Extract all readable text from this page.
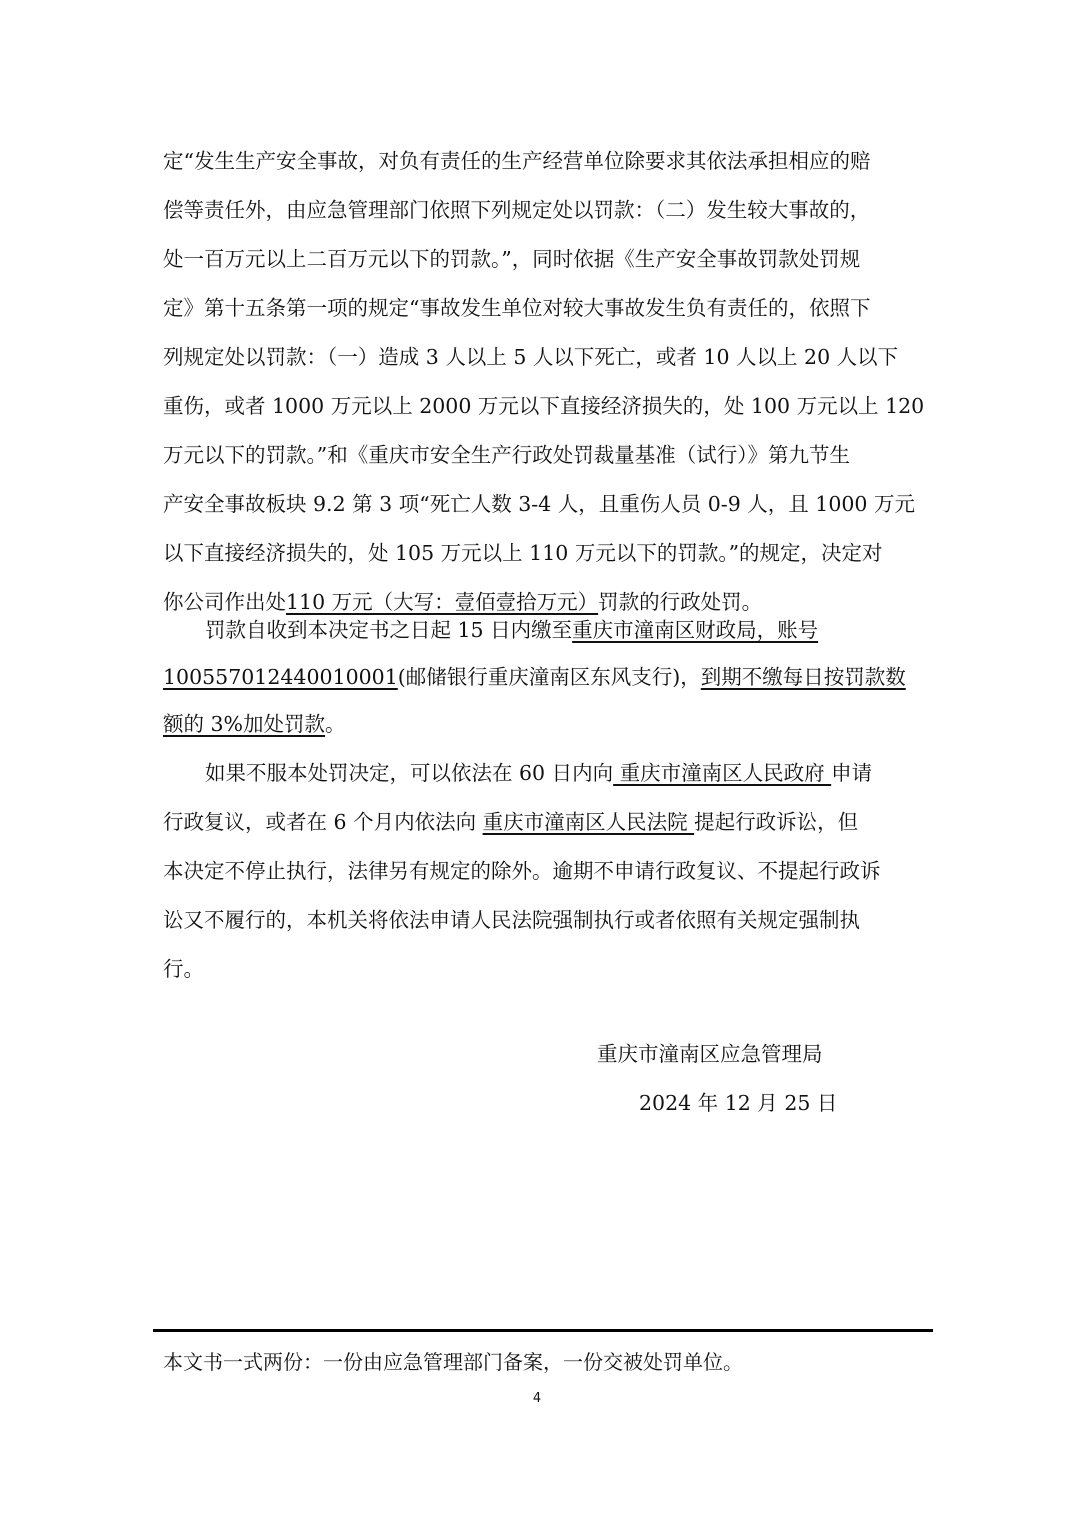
定“发生生产安全事故，对负有责任的生产经营单位除要求其依法承担相应的赔
偿等责任外，由应急管理部门依照下列规定处以罚款：（二）发生较大事故的，
处一百万元以上二百万元以下的罚款。”，同时依据《生产安全事故罚款处罚规
定》第十五条第一项的规定“事故发生单位对较大事故发生负有责任的，依照下
列规定处以罚款：（一）造成 3 人以上 5 人以下死亡，或者 10 人以上 20 人以下
重伤，或者 1000 万元以上 2000 万元以下直接经济损失的，处 100 万元以上 120
万元以下的罚款。”和《重庆市安全生产行政处罚裁量基准（试行）》第九节生
产安全事故板块 9.2 第 3 项“死亡人数 3-4 人，且重伤人员 0-9 人，且 1000 万元
以下直接经济损失的，处 105 万元以上 110 万元以下的罚款。”的规定，决定对
你公司作出处110 万元（大写：壹佰壹拾万元）罚款的行政处罚。
罚款自收到本决定书之日起 15 日内缴至重庆市潼南区财政局，账号
100557012440010001(邮储银行重庆潼南区东风支行)，到期不缴每日按罚款数
额的 3%加处罚款。
如果不服本处罚决定，可以依法在 60 日内向 重庆市潼南区人民政府 申请
行政复议，或者在 6 个月内依法向 重庆市潼南区人民法院 提起行政诉讼，但
本决定不停止执行，法律另有规定的除外。逾期不申请行政复议、不提起行政诉
讼又不履行的，本机关将依法申请人民法院强制执行或者依照有关规定强制执
行。
重庆市潼南区应急管理局
2024 年 12 月 25 日
本文书一式两份：一份由应急管理部门备案，一份交被处罚单位。
4
